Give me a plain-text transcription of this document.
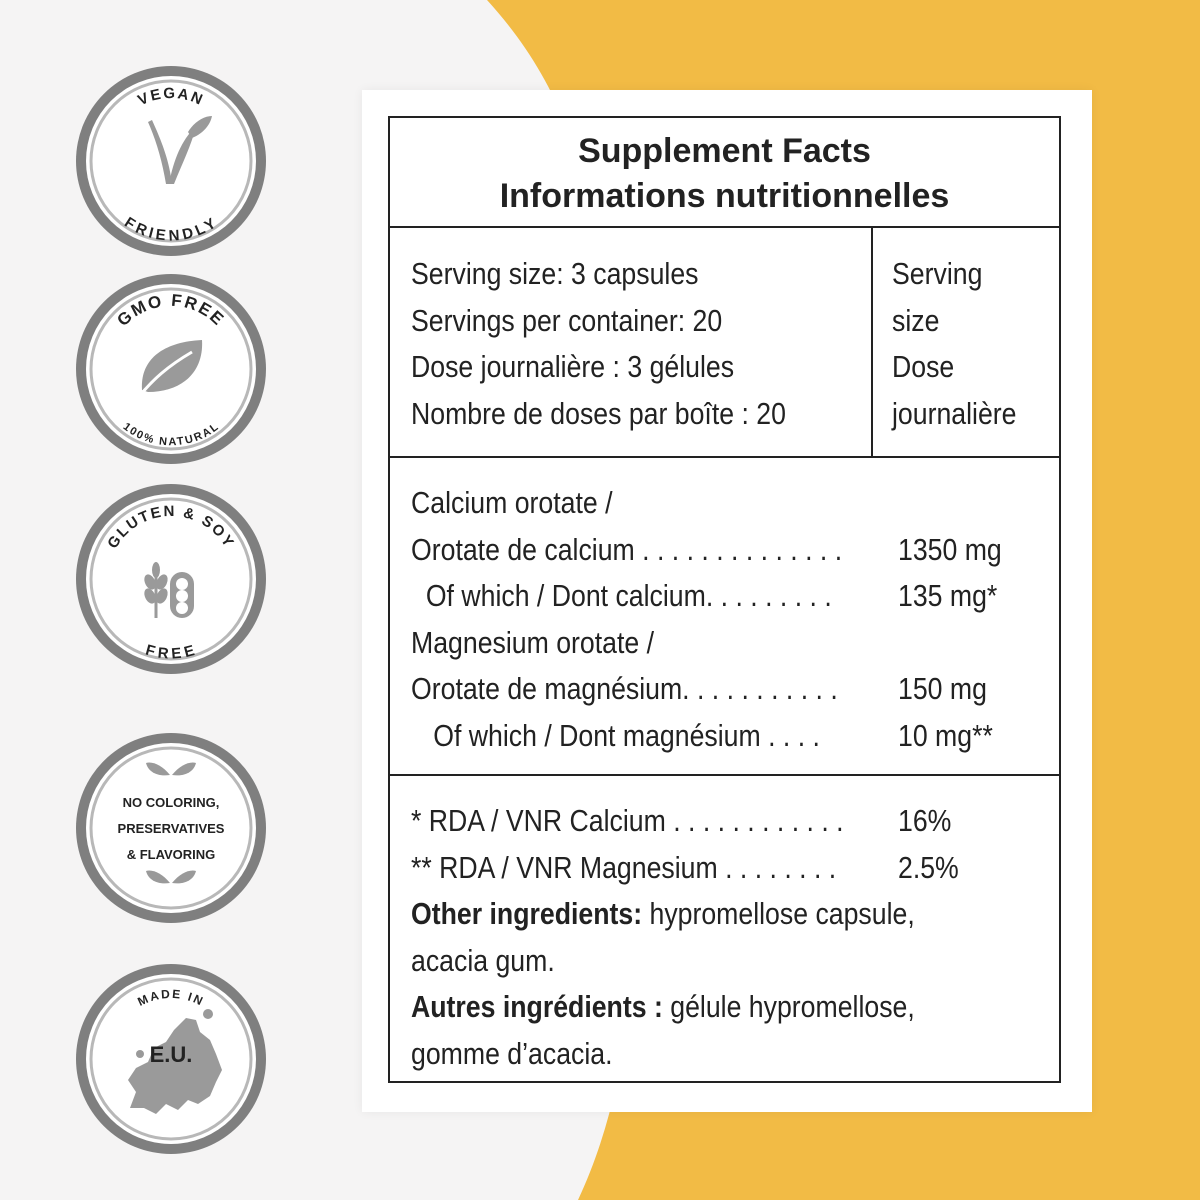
VEGAN
FRIENDLY
GMO FREE
100% NATURAL
GLUTEN & SOY
FREE
NO COLORING,
PRESERVATIVES
& FLAVORING
MADE IN
E.U.
Supplement Facts
Informations nutritionnelles
Serving size: 3 capsules
Servings per container: 20
Dose journalière : 3 gélules
Nombre de doses par boîte : 20
Serving
size
Dose
journalière
Calcium orotate /
Orotate de calcium . . . . . . . . . . . . . . 1350 mg
Of which / Dont calcium. . . . . . . . . 135 mg*
Magnesium orotate /
Orotate de magnésium. . . . . . . . . . . 150 mg
Of which / Dont magnésium . . . .	10 mg**
* RDA / VNR Calcium . . . . . . . . . . . . 16%
** RDA / VNR Magnesium . . . . . . . . 2.5%
Other ingredients: hypromellose capsule,
acacia gum.
Autres ingrédients : gélule hypromellose,
gomme d’acacia.
